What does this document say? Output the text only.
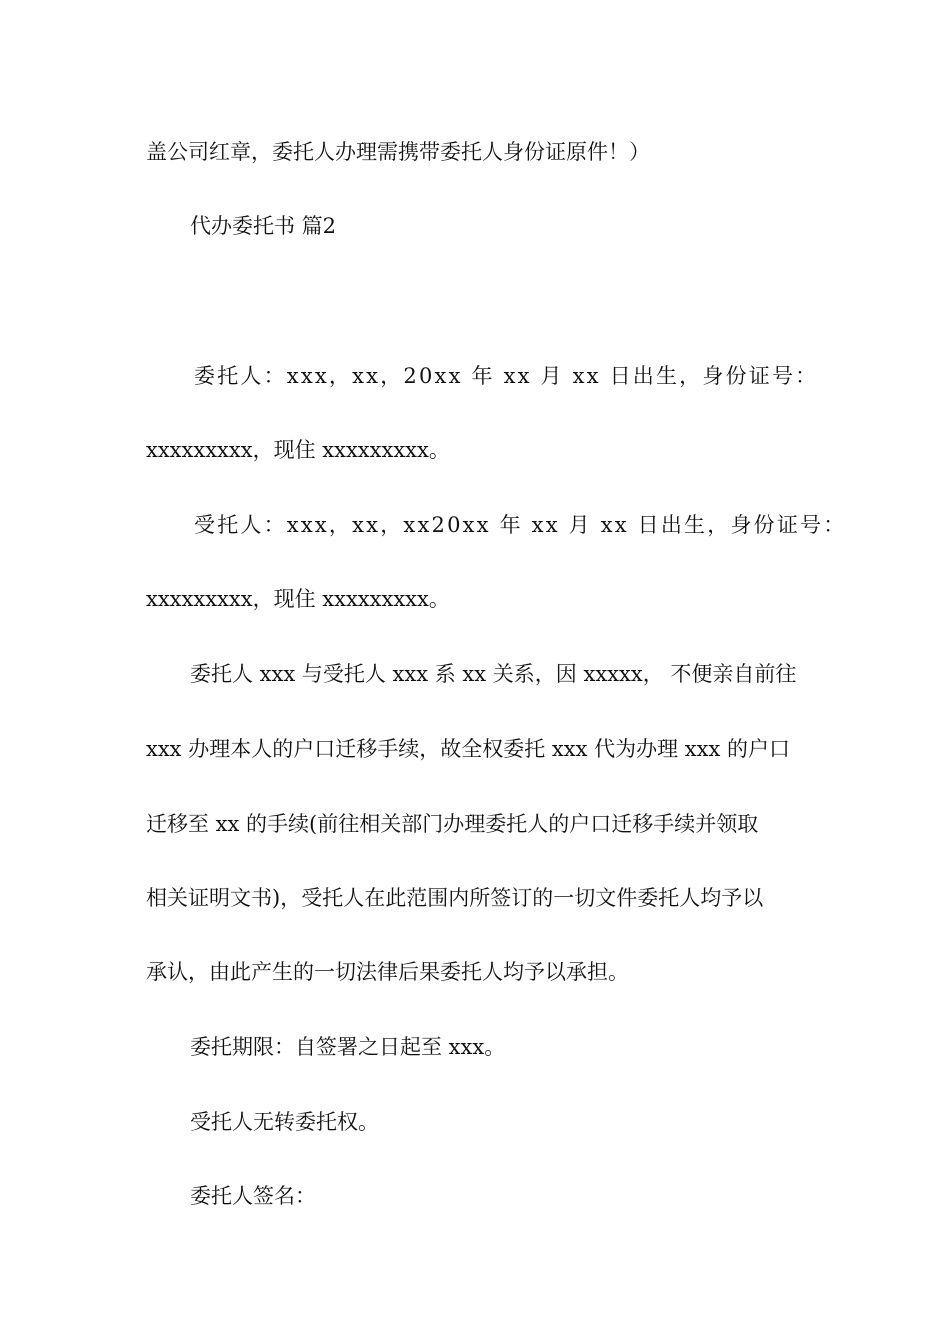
盖公司红章，委托人办理需携带委托人身份证原件！）
代办委托书 篇2
委托人：xxx，xx，20xx 年 xx 月 xx 日出生，身份证号：
xxxxxxxxx，现住 xxxxxxxxx。
受托人：xxx，xx，xx20xx 年 xx 月 xx 日出生，身份证号：
xxxxxxxxx，现住 xxxxxxxxx。
委托人 xxx 与受托人 xxx 系 xx 关系，因 xxxxx， 不便亲自前往
xxx 办理本人的户口迁移手续，故全权委托 xxx 代为办理 xxx 的户口
迁移至 xx 的手续(前往相关部门办理委托人的户口迁移手续并领取
相关证明文书)，受托人在此范围内所签订的一切文件委托人均予以
承认，由此产生的一切法律后果委托人均予以承担。
委托期限：自签署之日起至 xxx。
受托人无转委托权。
委托人签名：
